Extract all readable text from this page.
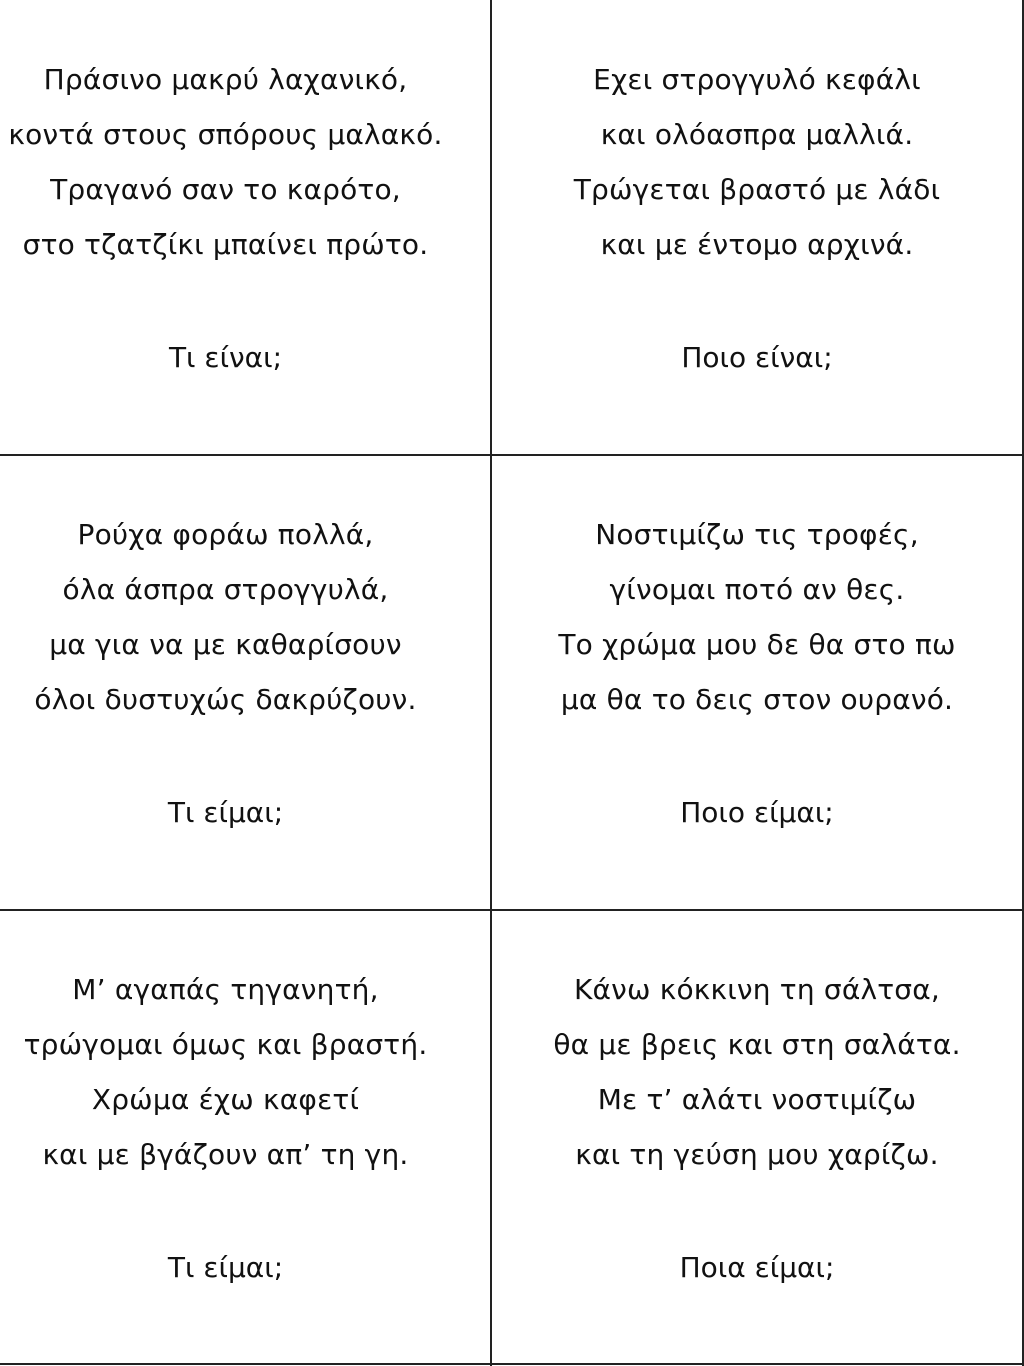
Πράσινο μακρύ λαχανικό,
κοντά στους σπόρους μαλακό.
Τραγανό σαν το καρότο,
στο τζατζίκι μπαίνει πρώτο.
Τι είναι;
Εχει στρογγυλό κεφάλι
και ολόασπρα μαλλιά.
Τρώγεται βραστό με λάδι
και με έντομο αρχινά.
Ποιο είναι;
Ρούχα φοράω πολλά,
όλα άσπρα στρογγυλά,
μα για να με καθαρίσουν
όλοι δυστυχώς δακρύζουν.
Τι είμαι;
Νοστιμίζω τις τροφές,
γίνομαι ποτό αν θες.
Το χρώμα μου δε θα στο πω
μα θα το δεις στον ουρανό.
Ποιο είμαι;
Μ’ αγαπάς τηγανητή,
τρώγομαι όμως και βραστή.
Χρώμα έχω καφετί
και με βγάζουν απ’ τη γη.
Τι είμαι;
Κάνω κόκκινη τη σάλτσα,
θα με βρεις και στη σαλάτα.
Με τ’ αλάτι νοστιμίζω
και τη γεύση μου χαρίζω.
Ποια είμαι;
